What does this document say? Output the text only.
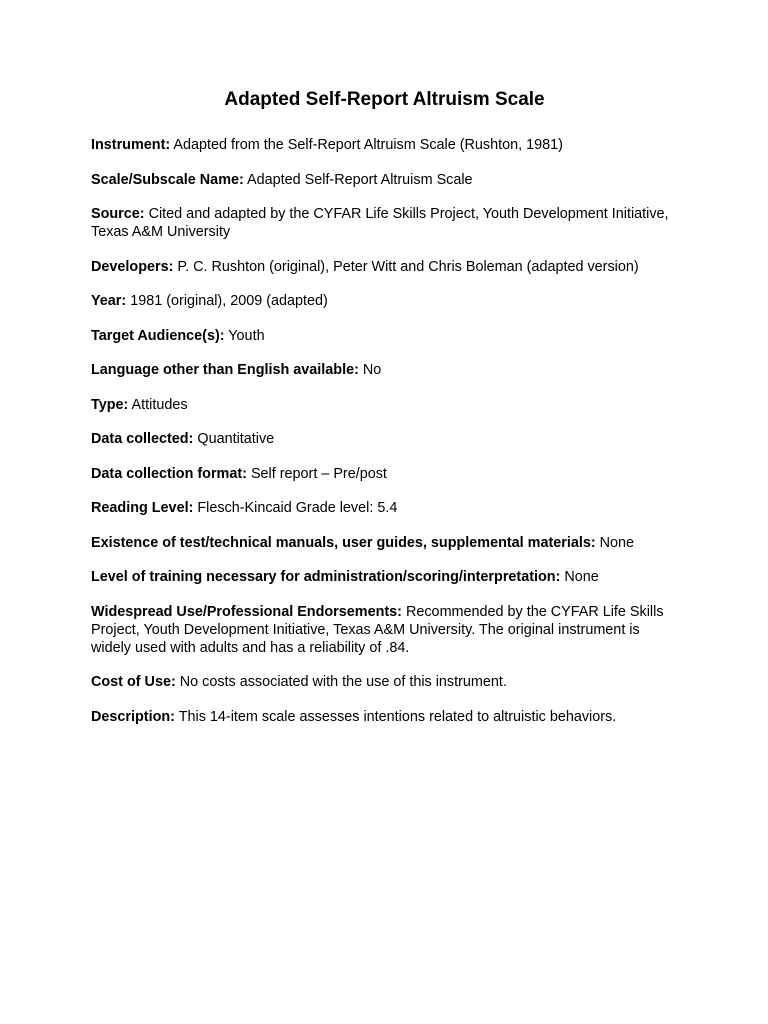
Adapted Self-Report Altruism Scale
Instrument: Adapted from the Self-Report Altruism Scale (Rushton, 1981)
Scale/Subscale Name: Adapted Self-Report Altruism Scale
Source: Cited and adapted by the CYFAR Life Skills Project, Youth Development Initiative, Texas A&M University
Developers: P. C. Rushton (original), Peter Witt and Chris Boleman (adapted version)
Year: 1981 (original), 2009 (adapted)
Target Audience(s): Youth
Language other than English available: No
Type: Attitudes
Data collected: Quantitative
Data collection format: Self report – Pre/post
Reading Level: Flesch-Kincaid Grade level: 5.4
Existence of test/technical manuals, user guides, supplemental materials: None
Level of training necessary for administration/scoring/interpretation: None
Widespread Use/Professional Endorsements: Recommended by the CYFAR Life Skills Project, Youth Development Initiative, Texas A&M University. The original instrument is widely used with adults and has a reliability of .84.
Cost of Use: No costs associated with the use of this instrument.
Description: This 14-item scale assesses intentions related to altruistic behaviors.
